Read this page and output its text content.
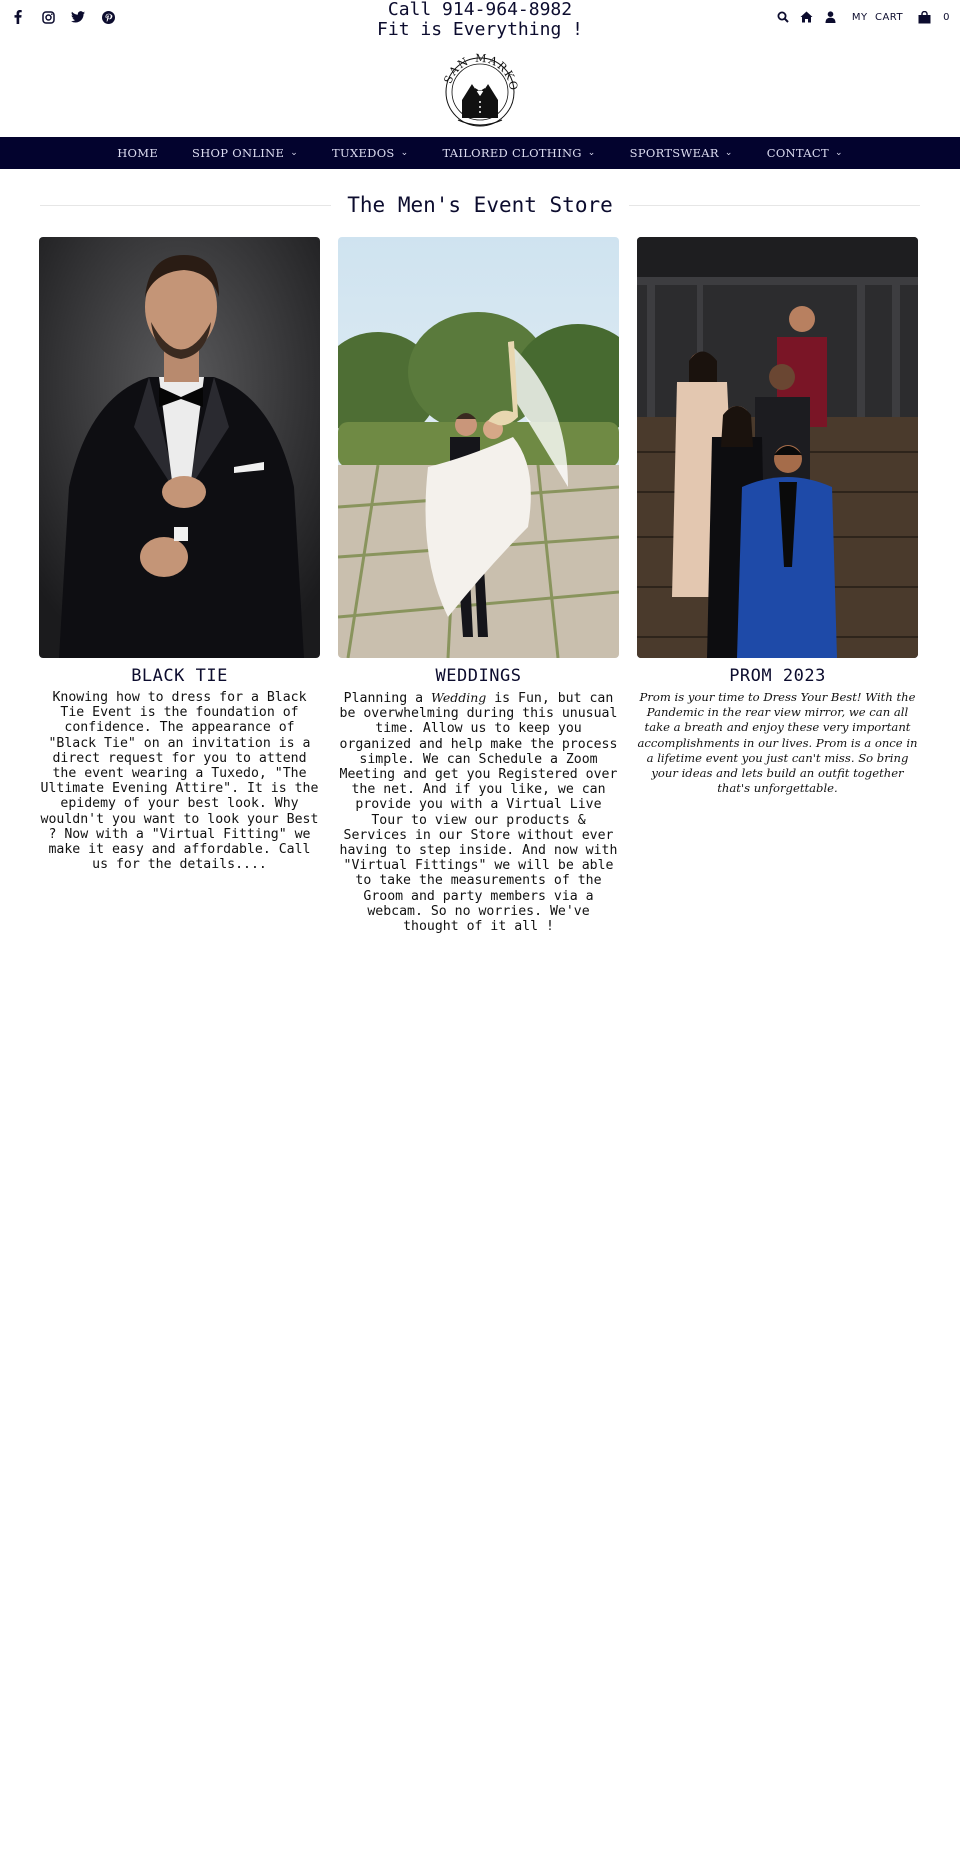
Call 914-964-8982
Fit is Everything !
SAN MARKO
MY  CART	0
HOME	SHOP ONLINE ⌄	TUXEDOS ⌄	TAILORED CLOTHING ⌄	SPORTSWEAR ⌄	CONTACT ⌄
The Men's Event Store
BLACK TIE

Knowing how to dress for a Black Tie Event is the foundation of confidence. The appearance of "Black Tie" on an invitation is a direct request for you to attend the event wearing a Tuxedo, "The Ultimate Evening Attire". It is the epidemy of your best look. Why wouldn't you want to look your Best ? Now with a "Virtual Fitting" we make it easy and affordable. Call us for the details....

WEDDINGS

Planning a Wedding is Fun, but can be overwhelming during this unusual time. Allow us to keep you organized and help make the process simple. We can Schedule a Zoom Meeting and get you Registered over the net. And if you like, we can provide you with a Virtual Live Tour to view our products & Services in our Store without ever having to step inside. And now with "Virtual Fittings" we will be able to take the measurements of the Groom and party members via a webcam. So no worries. We've thought of it all !

PROM 2023

Prom is your time to Dress Your Best! With the Pandemic in the rear view mirror, we can all take a breath and enjoy these very important accomplishments in our lives. Prom is a once in a lifetime event you just can't miss. So bring your ideas and lets build an outfit together that's unforgettable.
